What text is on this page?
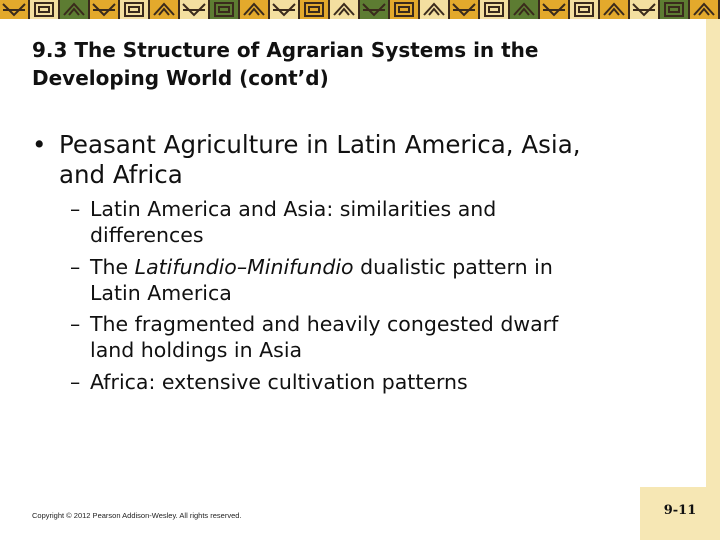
9.3 The Structure of Agrarian Systems in the
Developing World (cont’d)
• Peasant Agriculture in Latin America, Asia,
and Africa
– Latin America and Asia: similarities and
differences
– The Latifundio–Minifundio dualistic pattern in
Latin America
– The fragmented and heavily congested dwarf
land holdings in Asia
– Africa: extensive cultivation patterns
Copyright © 2012 Pearson Addison-Wesley. All rights reserved.	9-11
